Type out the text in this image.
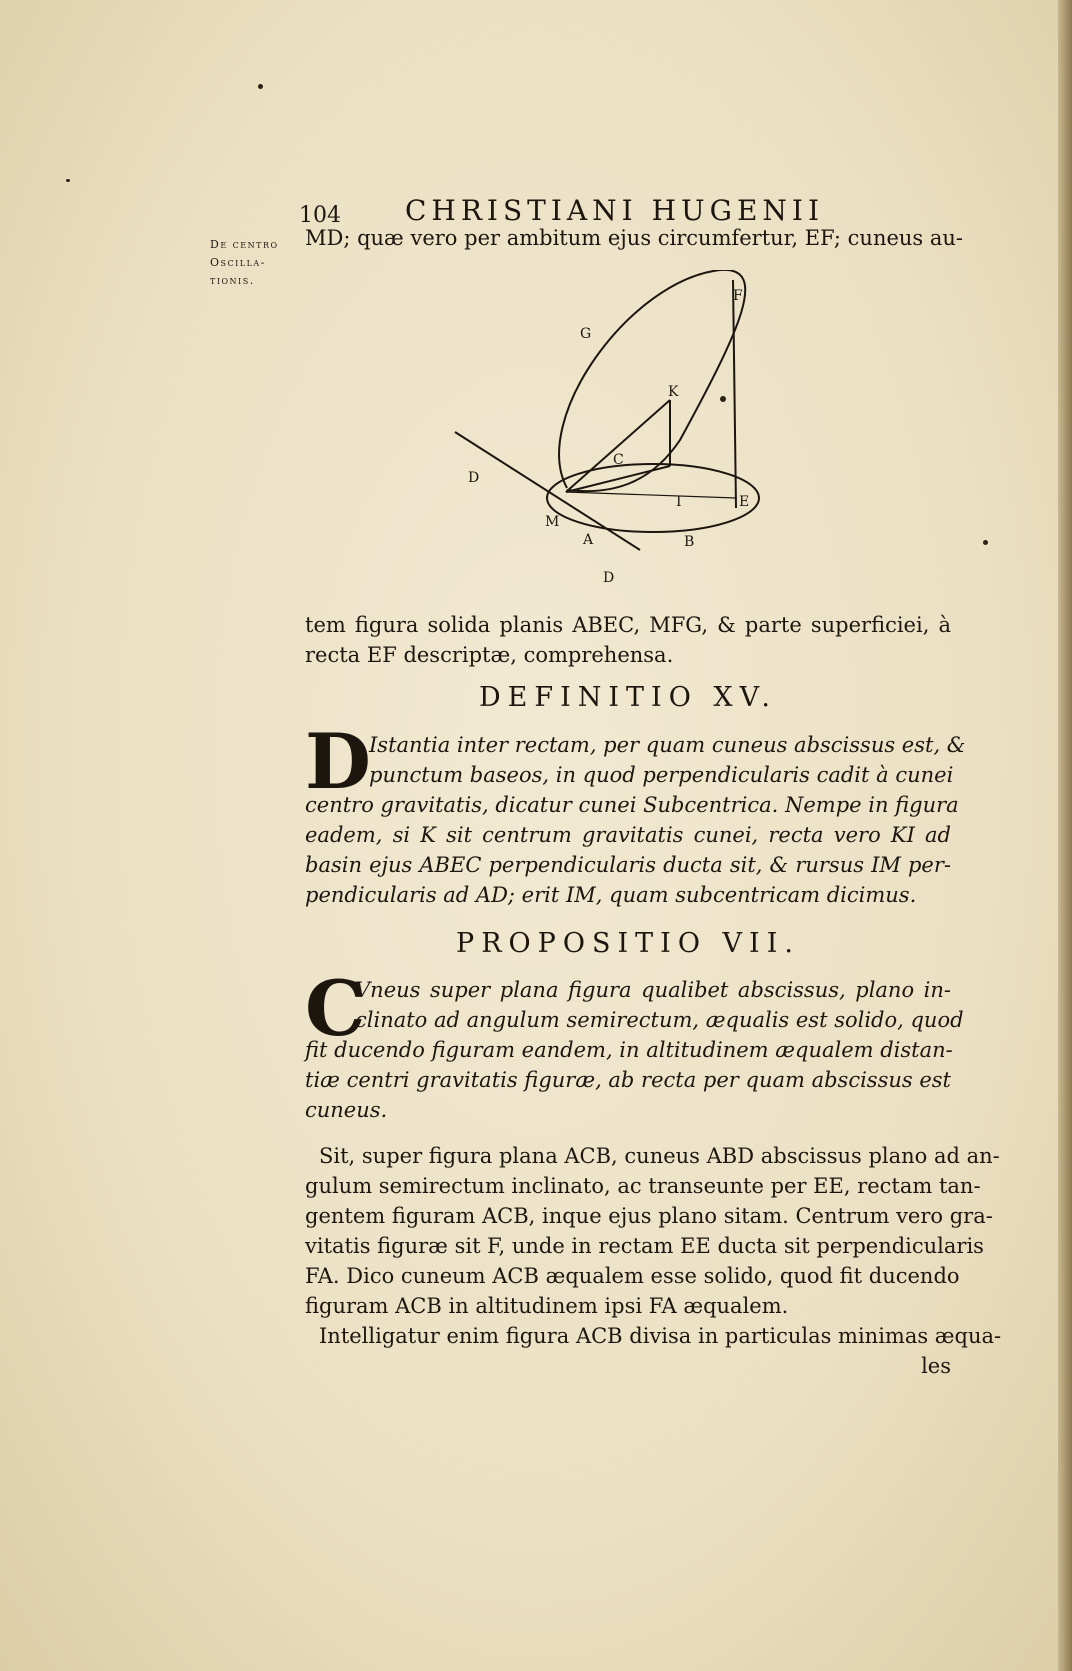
104 CHRISTIANI HUGENII
De centro
Oscilla-
tionis.
MD; quæ vero per ambitum ejus circumfertur, EF; cuneus au-
F
G
K
C
D
I	E
M
A	B
D
tem figura solida planis ABEC, MFG, & parte superficiei, à
recta EF descriptæ, comprehensa.
DEFINITIO XV.
D
Istantia inter rectam, per quam cuneus abscissus est, &
punctum baseos, in quod perpendicularis cadit à cunei
centro gravitatis, dicatur cunei Subcentrica. Nempe in figura
eadem, si K sit centrum gravitatis cunei, recta vero KI ad
basin ejus ABEC perpendicularis ducta sit, & rursus IM per-
pendicularis ad AD; erit IM, quam subcentricam dicimus.
PROPOSITIO VII.
C
Vneus super plana figura qualibet abscissus, plano in-
clinato ad angulum semirectum, æqualis est solido, quod
fit ducendo figuram eandem, in altitudinem æqualem distan-
tiæ centri gravitatis figuræ, ab recta per quam abscissus est
cuneus.
Sit, super figura plana ACB, cuneus ABD abscissus plano ad an-
gulum semirectum inclinato, ac transeunte per EE, rectam tan-
gentem figuram ACB, inque ejus plano sitam. Centrum vero gra-
vitatis figuræ sit F, unde in rectam EE ducta sit perpendicularis
FA. Dico cuneum ACB æqualem esse solido, quod fit ducendo
figuram ACB in altitudinem ipsi FA æqualem.
Intelligatur enim figura ACB divisa in particulas minimas æqua-
les
